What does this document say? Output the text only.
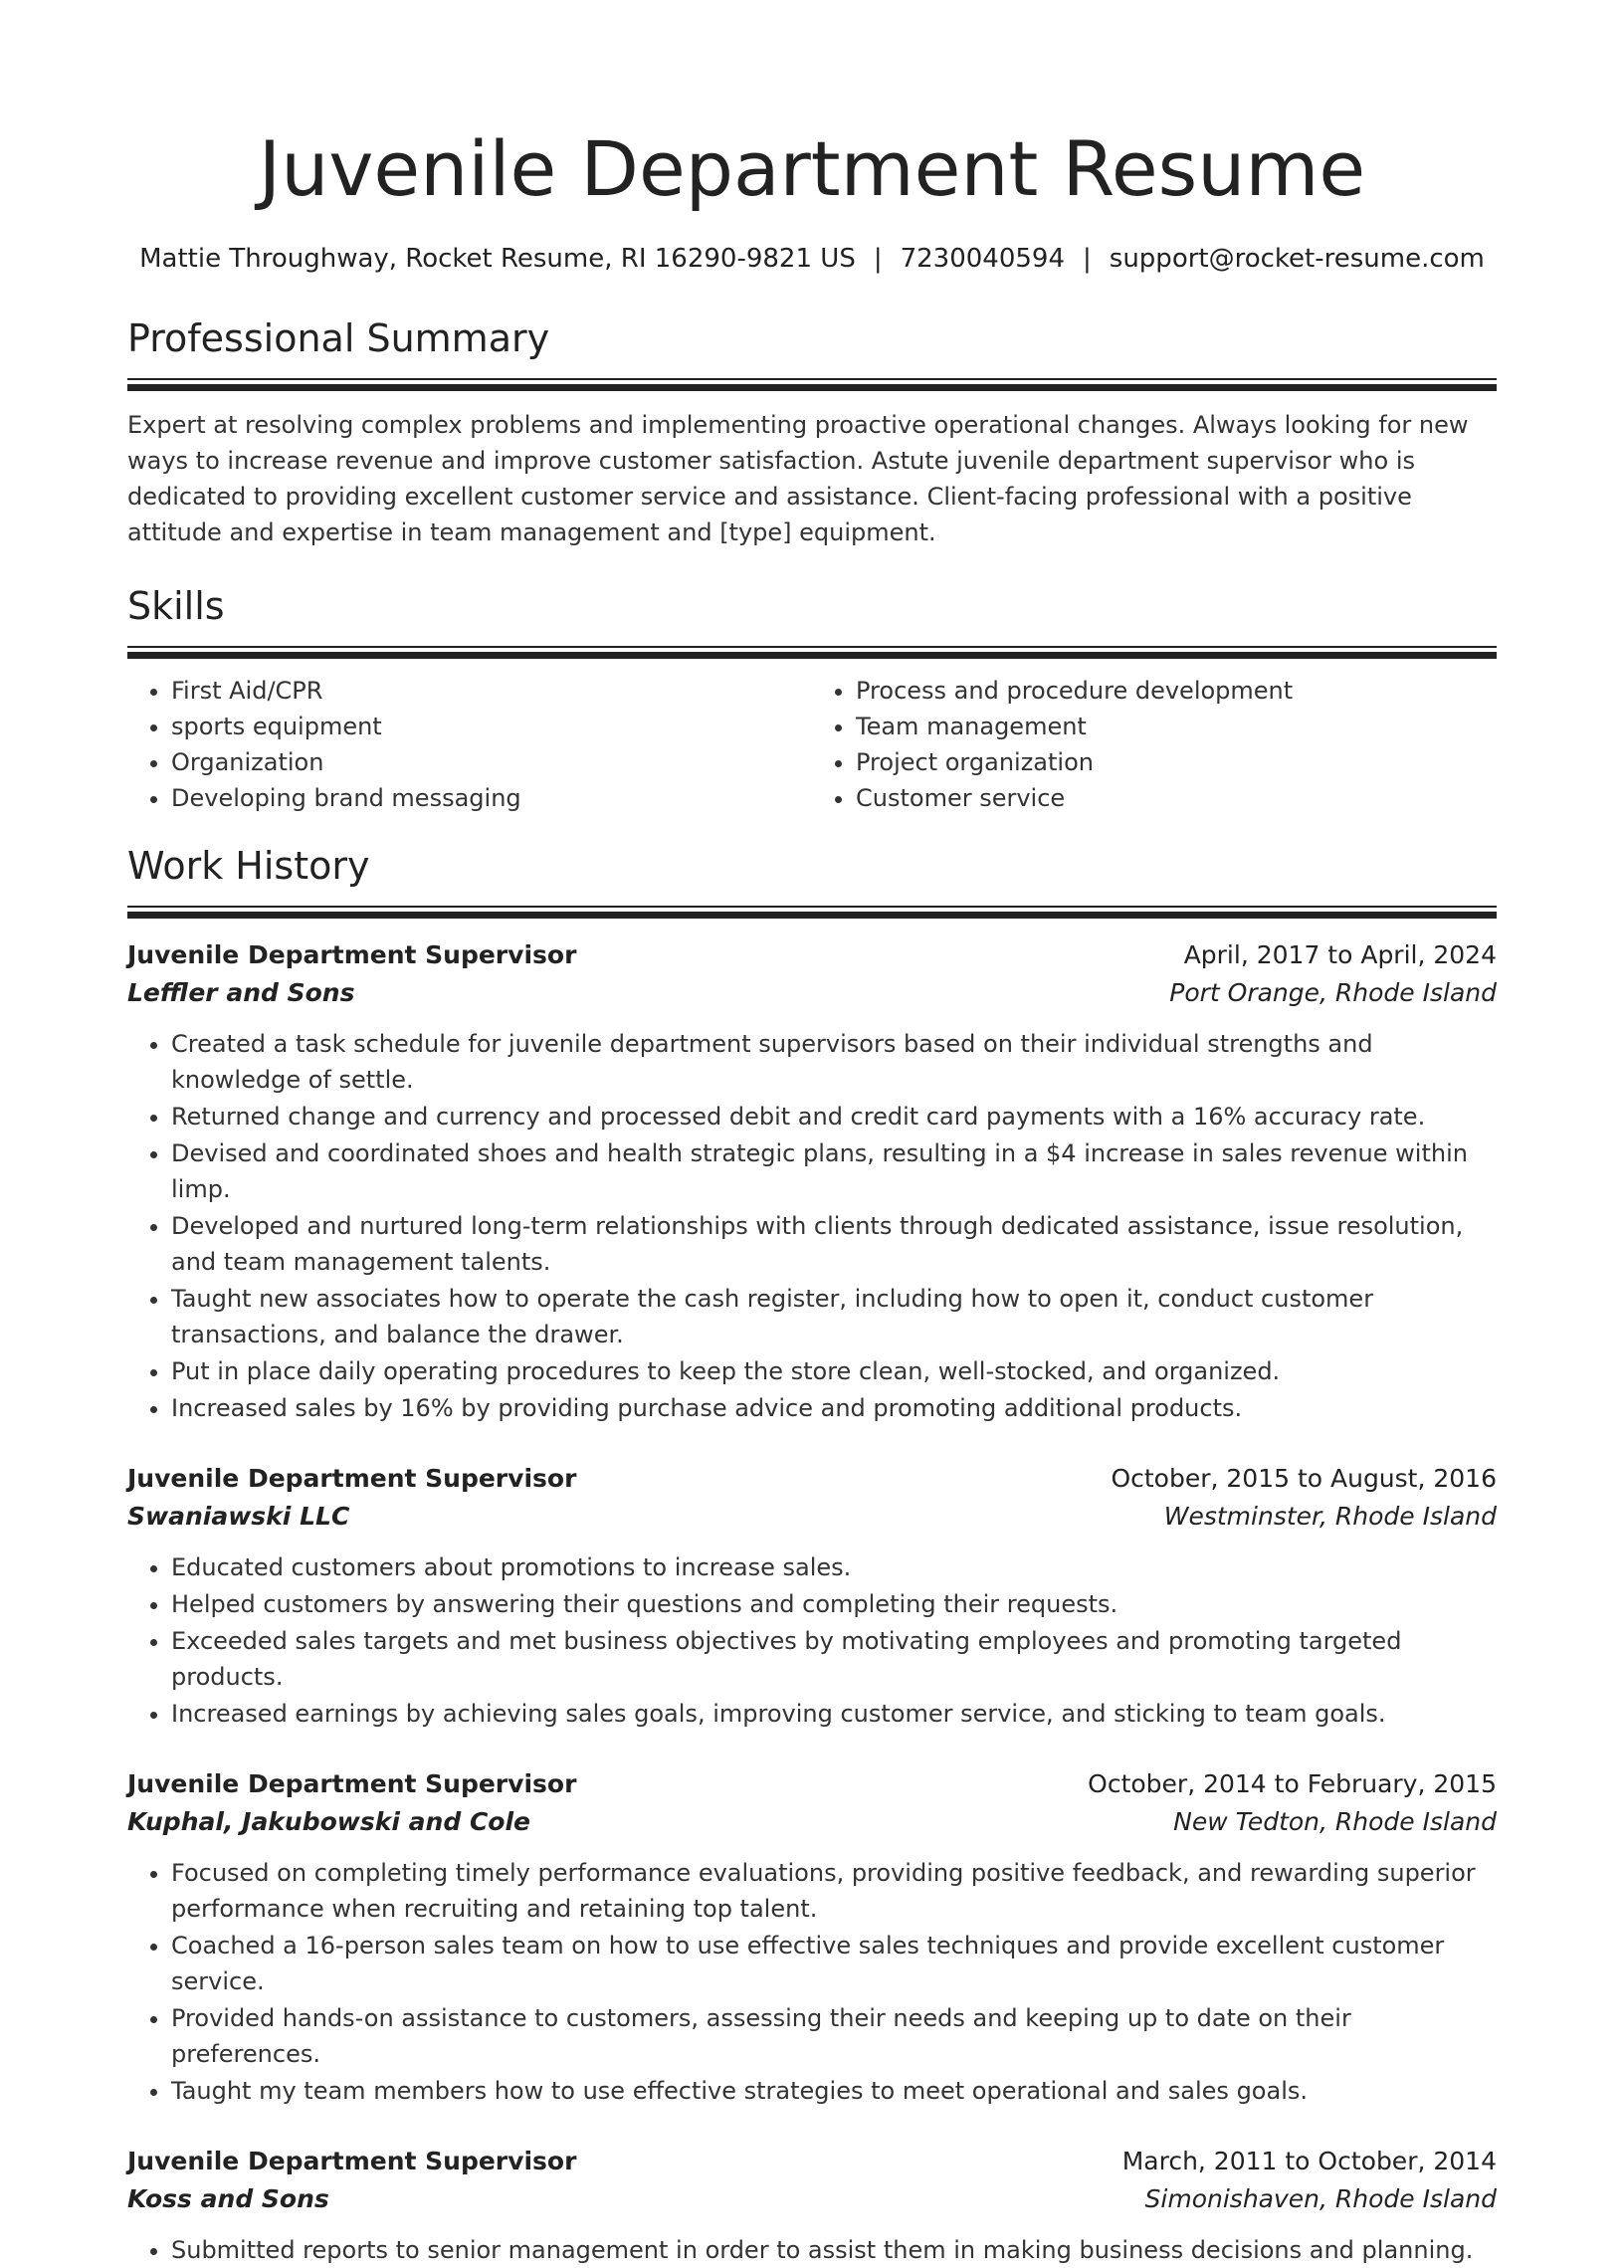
Juvenile Department Resume
Mattie Throughway, Rocket Resume, RI 16290-9821 US | 7230040594 | support@rocket-resume.com
Professional Summary

Expert at resolving complex problems and implementing proactive operational changes. Always looking for new ways to increase revenue and improve customer satisfaction. Astute juvenile department supervisor who is dedicated to providing excellent customer service and assistance. Client-facing professional with a positive attitude and expertise in team management and [type] equipment.

Skills
• First Aid/CPR
• sports equipment
• Organization
• Developing brand messaging
• Process and procedure development
• Team management
• Project organization
• Customer service
Work History
Juvenile Department Supervisor	April, 2017 to April, 2024
Leffler and Sons	Port Orange, Rhode Island
• Created a task schedule for juvenile department supervisors based on their individual strengths and knowledge of settle.
• Returned change and currency and processed debit and credit card payments with a 16% accuracy rate.
• Devised and coordinated shoes and health strategic plans, resulting in a $4 increase in sales revenue within limp.
• Developed and nurtured long-term relationships with clients through dedicated assistance, issue resolution, and team management talents.
• Taught new associates how to operate the cash register, including how to open it, conduct customer transactions, and balance the drawer.
• Put in place daily operating procedures to keep the store clean, well-stocked, and organized.
• Increased sales by 16% by providing purchase advice and promoting additional products.
Juvenile Department Supervisor	October, 2015 to August, 2016
Swaniawski LLC	Westminster, Rhode Island
• Educated customers about promotions to increase sales.
• Helped customers by answering their questions and completing their requests.
• Exceeded sales targets and met business objectives by motivating employees and promoting targeted products.
• Increased earnings by achieving sales goals, improving customer service, and sticking to team goals.
Juvenile Department Supervisor	October, 2014 to February, 2015
Kuphal, Jakubowski and Cole	New Tedton, Rhode Island
• Focused on completing timely performance evaluations, providing positive feedback, and rewarding superior performance when recruiting and retaining top talent.
• Coached a 16-person sales team on how to use effective sales techniques and provide excellent customer service.
• Provided hands-on assistance to customers, assessing their needs and keeping up to date on their preferences.
• Taught my team members how to use effective strategies to meet operational and sales goals.
Juvenile Department Supervisor	March, 2011 to October, 2014
Koss and Sons	Simonishaven, Rhode Island
• Submitted reports to senior management in order to assist them in making business decisions and planning.
